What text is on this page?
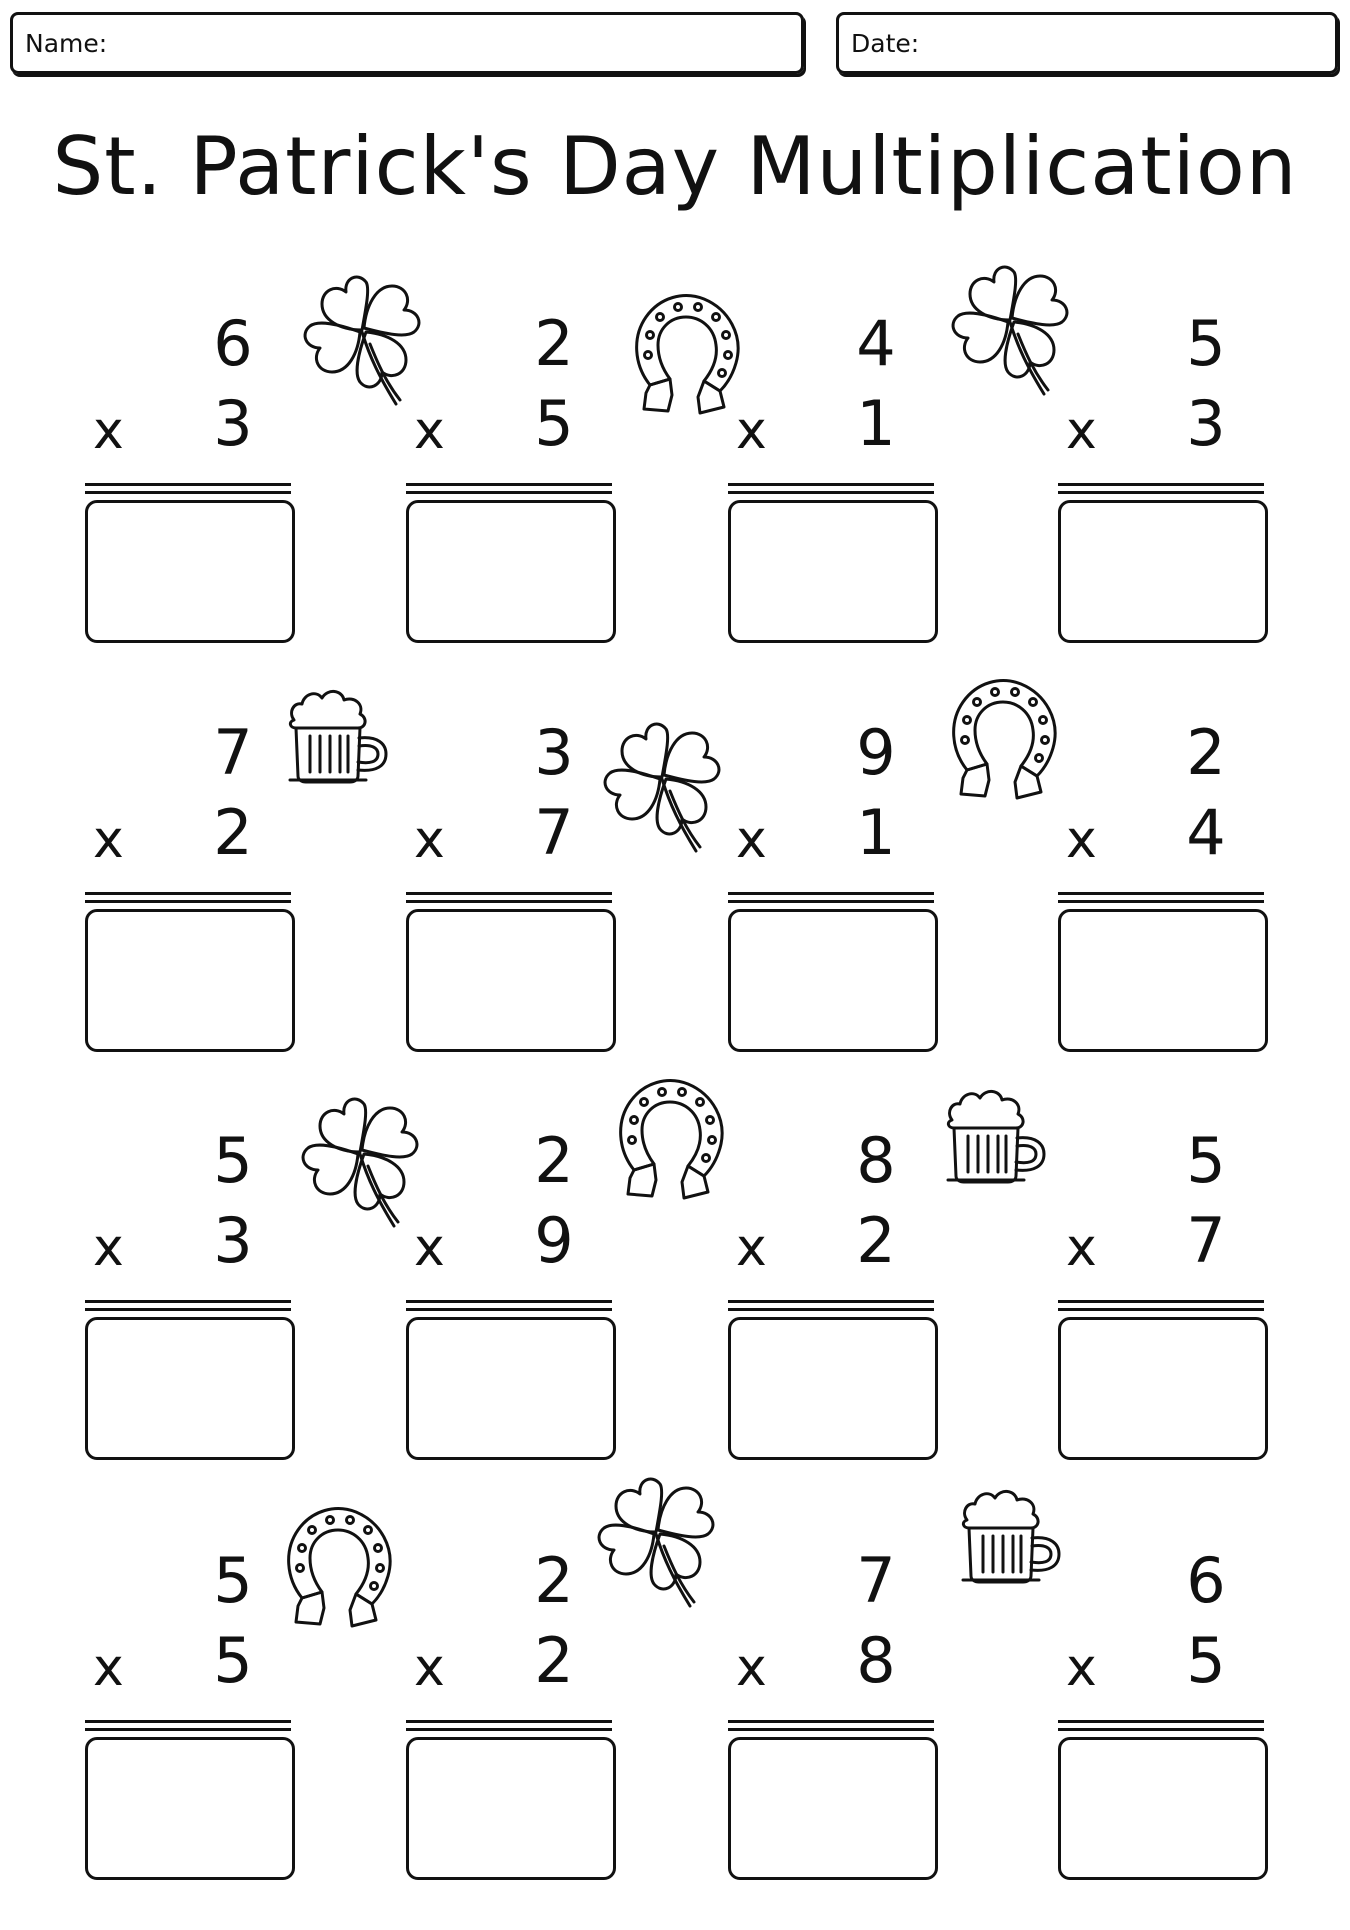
Name:	Date:
St. Patrick's Day Multiplication
6
x 3
2
x 5
4
x 1
5
x 3
7
x 2
3
x 7
9
x 1
2
x 4
5
x 3
2
x 9
8
x 2
5
x 7
5
x 5
2
x 2
7
x 8
6
x 5
